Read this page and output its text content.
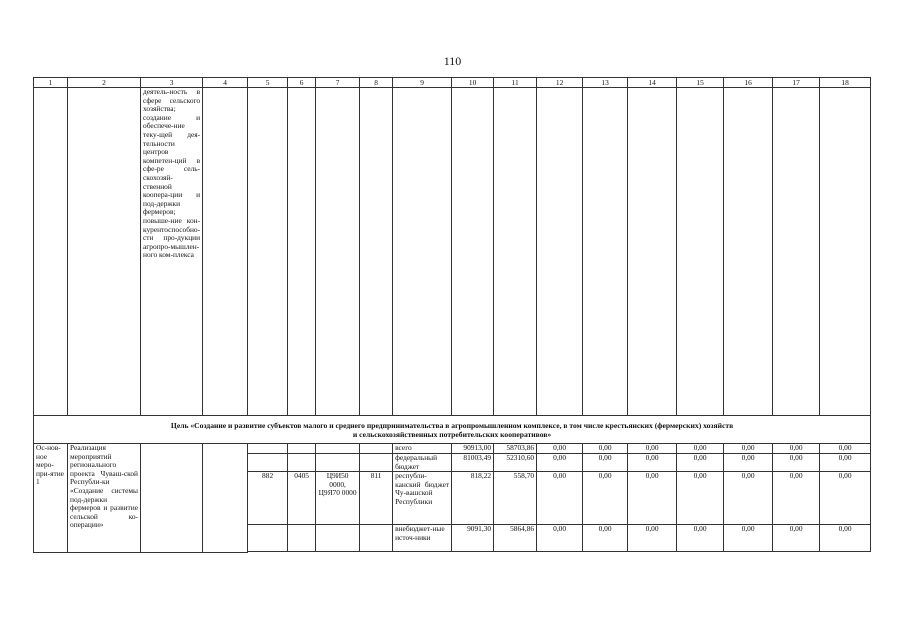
110
1	2	3	4	5	6	7	8	9	10	11	12	13	14	15	16	17	18
		деятель-ность в сфере сельского хозяйства; создание и обеспече-ние теку-щей дея-тельности центров компетен-ций в сфе-ре сель-скохозяй-ственной коопера-ции и под-держки фермеров; повыше-ние кон-курентоспособно-сти про-дукции агропро-мышлен-ного ком-плекса															
Цель «Создание и развитие субъектов малого и среднего предпринимательства в агропромышленном комплексе, в том числе крестьянских (фермерских) хозяйств
и сельскохозяйственных потребительских кооперативов»																	
Ос-нов-ное меро-при-ятие 1	Реализация мероприятий регионального проекта Чуваш-ской Республи-ки «Создание системы под-держки фермеров и развитие сельской ко-операции»							всего	90913,00	58703,86	0,00	0,00	0,00	0,00	0,00	0,00	0,00
								федеральный бюджет	81003,49	52310,60	0,00	0,00	0,00	0,00	0,00	0,00	0,00
				882	0405	Ц9И50 0000, Ц9Я70 0000	811	республи-канский бюджет Чу-вашской Республики	818,22	558,70	0,00	0,00	0,00	0,00	0,00	0,00	0,00
								внебюджет-ные источ-ники	9091,30	5864,86	0,00	0,00	0,00	0,00	0,00	0,00	0,00
